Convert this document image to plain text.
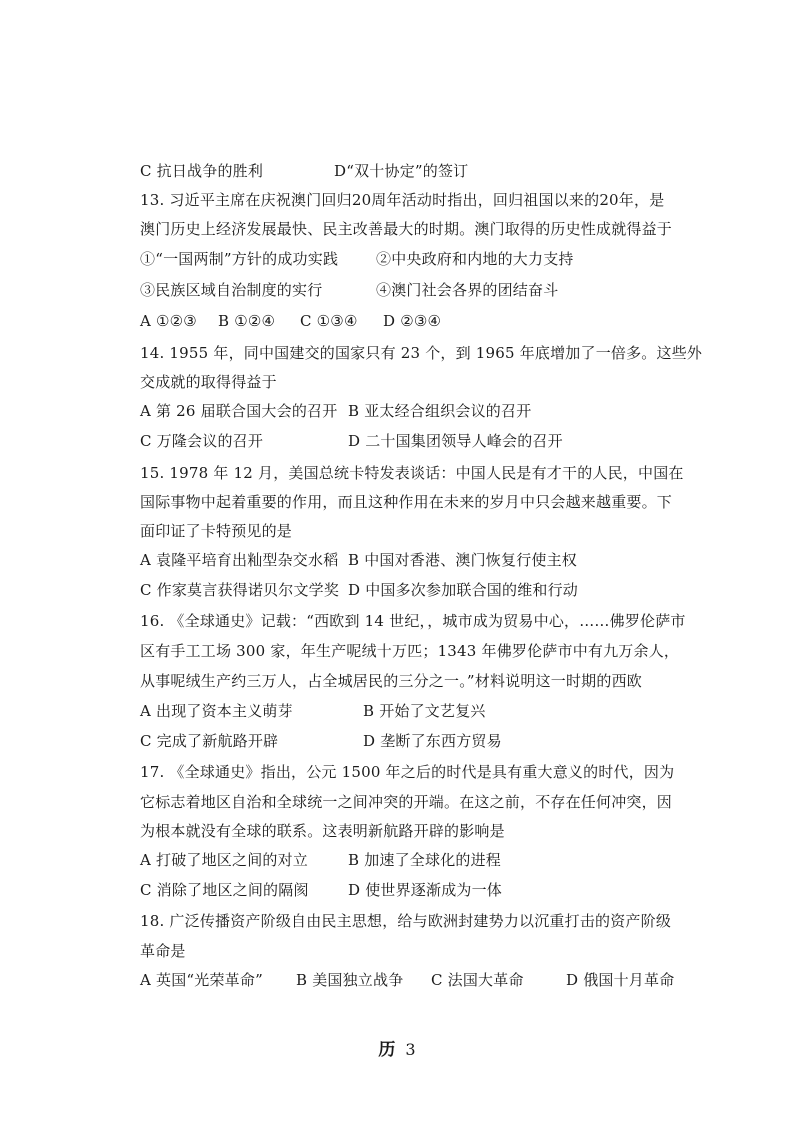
C 抗日战争的胜利	D“双十协定”的签订
13. 习近平主席在庆祝澳门回归20周年活动时指出，回归祖国以来的20年，是
澳门历史上经济发展最快、民主改善最大的时期。澳门取得的历史性成就得益于
①“一国两制”方针的成功实践	②中央政府和内地的大力支持
③民族区域自治制度的实行	④澳门社会各界的团结奋斗
A ①②③ B ①②④ C ①③④ D ②③④
14. 1955 年，同中国建交的国家只有 23 个，到 1965 年底增加了一倍多。这些外
交成就的取得得益于
A 第 26 届联合国大会的召开 B 亚太经合组织会议的召开
C 万隆会议的召开	D 二十国集团领导人峰会的召开
15. 1978 年 12 月，美国总统卡特发表谈话：中国人民是有才干的人民，中国在
国际事物中起着重要的作用，而且这种作用在未来的岁月中只会越来越重要。下
面印证了卡特预见的是
A 袁隆平培育出籼型杂交水稻 B 中国对香港、澳门恢复行使主权
C 作家莫言获得诺贝尔文学奖 D 中国多次参加联合国的维和行动
16. 《全球通史》记载：“西欧到 14 世纪，，城市成为贸易中心，……佛罗伦萨市
区有手工工场 300 家，年生产呢绒十万匹；1343 年佛罗伦萨市中有九万余人，
从事呢绒生产约三万人，占全城居民的三分之一。”材料说明这一时期的西欧
A 出现了资本主义萌芽	B 开始了文艺复兴
C 完成了新航路开辟	D 垄断了东西方贸易
17. 《全球通史》指出，公元 1500 年之后的时代是具有重大意义的时代，因为
它标志着地区自治和全球统一之间冲突的开端。在这之前，不存在任何冲突，因
为根本就没有全球的联系。这表明新航路开辟的影响是
A 打破了地区之间的对立	B 加速了全球化的进程
C 消除了地区之间的隔阂	D 使世界逐渐成为一体
18. 广泛传播资产阶级自由民主思想，给与欧洲封建势力以沉重打击的资产阶级
革命是
A 英国“光荣革命” B 美国独立战争 C 法国大革命	D 俄国十月革命
历 3
